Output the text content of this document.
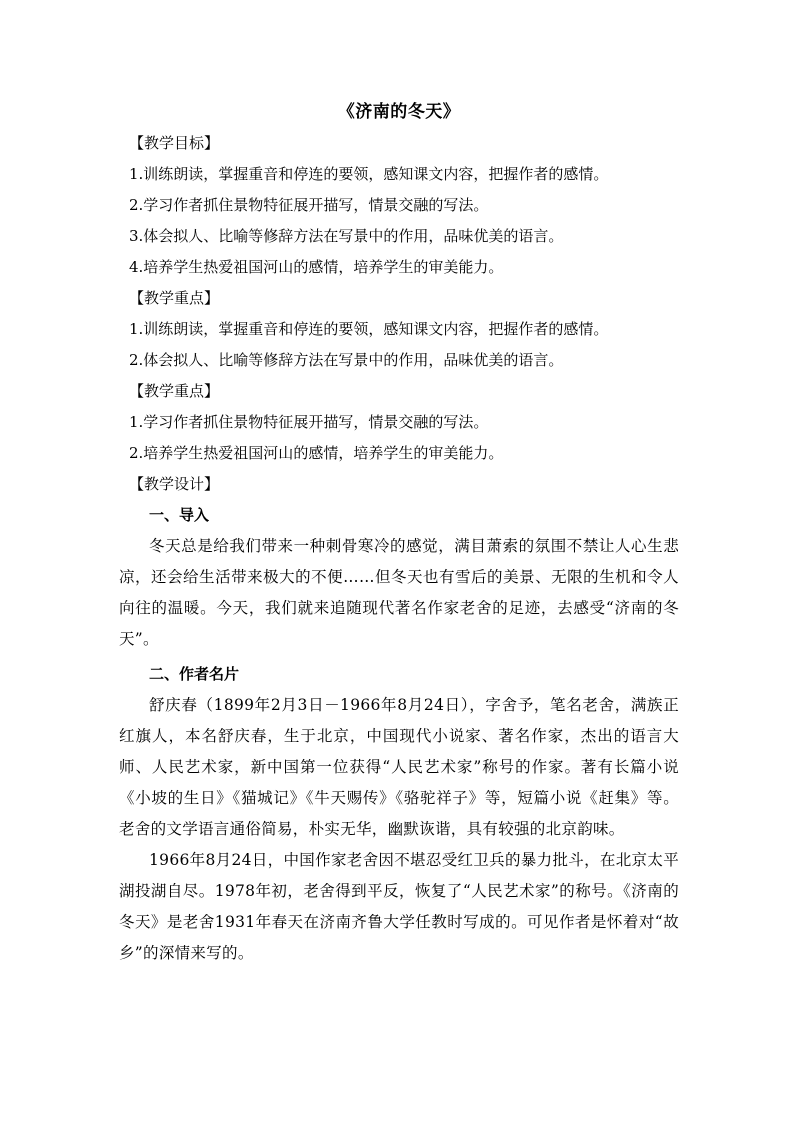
《济南的冬天》

【教学目标】

1.训练朗读，掌握重音和停连的要领，感知课文内容，把握作者的感情。

2.学习作者抓住景物特征展开描写，情景交融的写法。

3.体会拟人、比喻等修辞方法在写景中的作用，品味优美的语言。

4.培养学生热爱祖国河山的感情，培养学生的审美能力。

【教学重点】

1.训练朗读，掌握重音和停连的要领，感知课文内容，把握作者的感情。

2.体会拟人、比喻等修辞方法在写景中的作用，品味优美的语言。

【教学重点】

1.学习作者抓住景物特征展开描写，情景交融的写法。

2.培养学生热爱祖国河山的感情，培养学生的审美能力。

【教学设计】

一、导入

冬天总是给我们带来一种刺骨寒冷的感觉，满目萧索的氛围不禁让人心生悲凉，还会给生活带来极大的不便……但冬天也有雪后的美景、无限的生机和令人向往的温暖。今天，我们就来追随现代著名作家老舍的足迹，去感受“济南的冬天”。

二、作者名片

舒庆春（1899年2月3日－1966年8月24日），字舍予，笔名老舍，满族正红旗人，本名舒庆春，生于北京，中国现代小说家、著名作家，杰出的语言大师、人民艺术家，新中国第一位获得“人民艺术家”称号的作家。著有长篇小说《小坡的生日》《猫城记》《牛天赐传》《骆驼祥子》等，短篇小说《赶集》等。老舍的文学语言通俗简易，朴实无华，幽默诙谐，具有较强的北京韵味。

1966年8月24日，中国作家老舍因不堪忍受红卫兵的暴力批斗，在北京太平湖投湖自尽。1978年初，老舍得到平反，恢复了“人民艺术家”的称号。《济南的冬天》是老舍1931年春天在济南齐鲁大学任教时写成的。可见作者是怀着对“故乡”的深情来写的。
